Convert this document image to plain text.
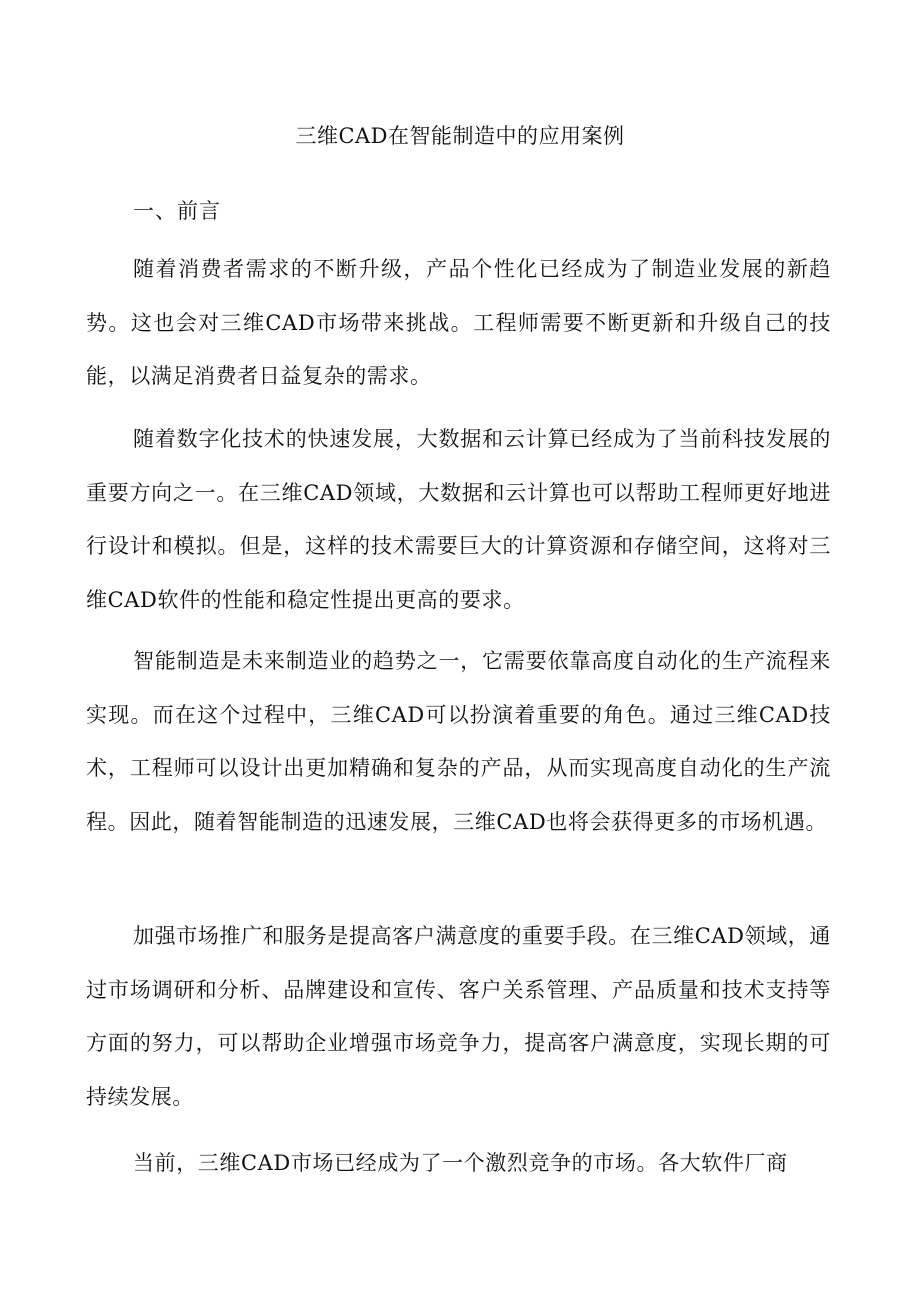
三维CAD在智能制造中的应用案例
一、前言

随着消费者需求的不断升级，产品个性化已经成为了制造业发展的新趋势。这也会对三维CAD市场带来挑战。工程师需要不断更新和升级自己的技能，以满足消费者日益复杂的需求。

随着数字化技术的快速发展，大数据和云计算已经成为了当前科技发展的重要方向之一。在三维CAD领域，大数据和云计算也可以帮助工程师更好地进行设计和模拟。但是，这样的技术需要巨大的计算资源和存储空间，这将对三维CAD软件的性能和稳定性提出更高的要求。

智能制造是未来制造业的趋势之一，它需要依靠高度自动化的生产流程来实现。而在这个过程中，三维CAD可以扮演着重要的角色。通过三维CAD技术，工程师可以设计出更加精确和复杂的产品，从而实现高度自动化的生产流程。因此，随着智能制造的迅速发展，三维CAD也将会获得更多的市场机遇。

加强市场推广和服务是提高客户满意度的重要手段。在三维CAD领域，通过市场调研和分析、品牌建设和宣传、客户关系管理、产品质量和技术支持等方面的努力，可以帮助企业增强市场竞争力，提高客户满意度，实现长期的可持续发展。

当前，三维CAD市场已经成为了一个激烈竞争的市场。各大软件厂商
